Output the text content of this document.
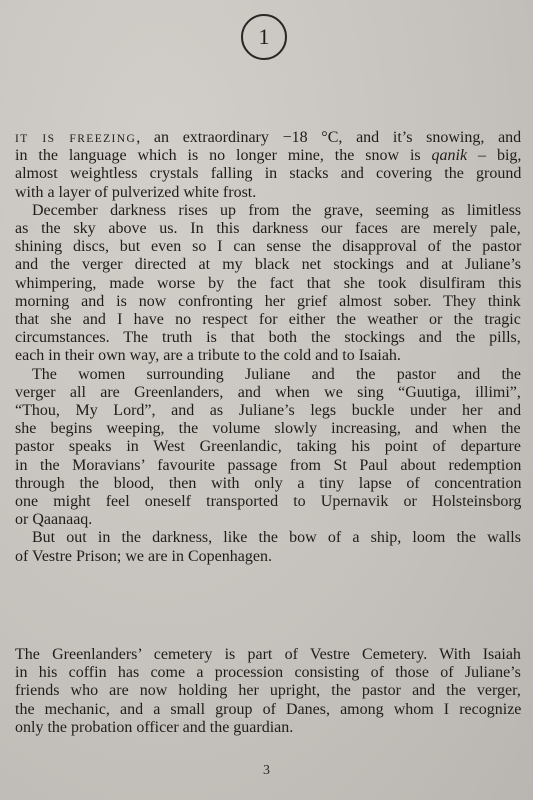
1
IT IS FREEZING, an extraordinary −18 °C, and it’s snowing, and
in the language which is no longer mine, the snow is qanik – big,
almost weightless crystals falling in stacks and covering the ground
with a layer of pulverized white frost.
December darkness rises up from the grave, seeming as limitless
as the sky above us. In this darkness our faces are merely pale,
shining discs, but even so I can sense the disapproval of the pastor
and the verger directed at my black net stockings and at Juliane’s
whimpering, made worse by the fact that she took disulfiram this
morning and is now confronting her grief almost sober. They think
that she and I have no respect for either the weather or the tragic
circumstances. The truth is that both the stockings and the pills,
each in their own way, are a tribute to the cold and to Isaiah.
The women surrounding Juliane and the pastor and the
verger all are Greenlanders, and when we sing “Guutiga, illimi”,
“Thou, My Lord”, and as Juliane’s legs buckle under her and
she begins weeping, the volume slowly increasing, and when the
pastor speaks in West Greenlandic, taking his point of departure
in the Moravians’ favourite passage from St Paul about redemption
through the blood, then with only a tiny lapse of concentration
one might feel oneself transported to Upernavik or Holsteinsborg
or Qaanaaq.
But out in the darkness, like the bow of a ship, loom the walls
of Vestre Prison; we are in Copenhagen.
The Greenlanders’ cemetery is part of Vestre Cemetery. With Isaiah
in his coffin has come a procession consisting of those of Juliane’s
friends who are now holding her upright, the pastor and the verger,
the mechanic, and a small group of Danes, among whom I recognize
only the probation officer and the guardian.
3
